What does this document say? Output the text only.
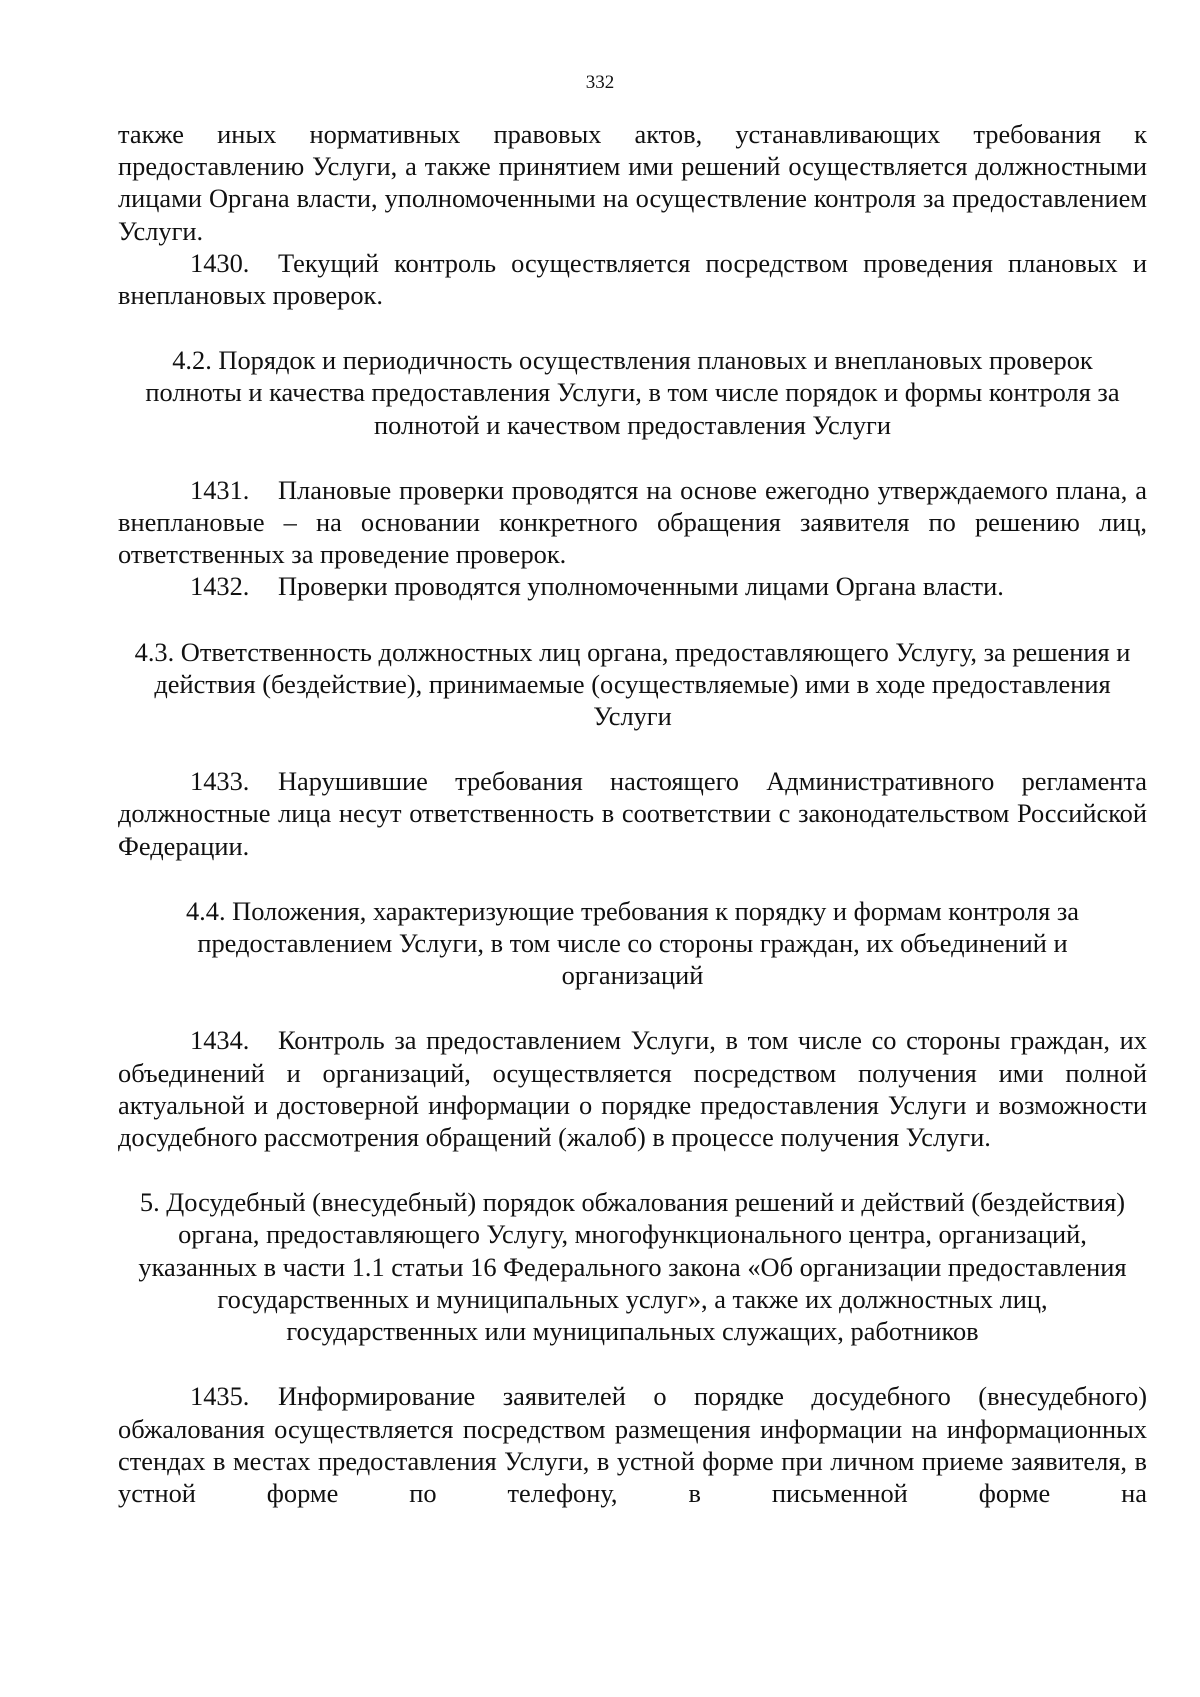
332

также иных нормативных правовых актов, устанавливающих требования к предоставлению Услуги, а также принятием ими решений осуществляется должностными лицами Органа власти, уполномоченными на осуществление контроля за предоставлением Услуги.

1430. Текущий контроль осуществляется посредством проведения плановых и внеплановых проверок.

4.2. Порядок и периодичность осуществления плановых и внеплановых проверок полноты и качества предоставления Услуги, в том числе порядок и формы контроля за полнотой и качеством предоставления Услуги

1431. Плановые проверки проводятся на основе ежегодно утверждаемого плана, а внеплановые – на основании конкретного обращения заявителя по решению лиц, ответственных за проведение проверок.

1432. Проверки проводятся уполномоченными лицами Органа власти.

4.3. Ответственность должностных лиц органа, предоставляющего Услугу, за решения и действия (бездействие), принимаемые (осуществляемые) ими в ходе предоставления Услуги

1433. Нарушившие требования настоящего Административного регламента должностные лица несут ответственность в соответствии с законодательством Российской Федерации.

4.4. Положения, характеризующие требования к порядку и формам контроля за предоставлением Услуги, в том числе со стороны граждан, их объединений и организаций

1434. Контроль за предоставлением Услуги, в том числе со стороны граждан, их объединений и организаций, осуществляется посредством получения ими полной актуальной и достоверной информации о порядке предоставления Услуги и возможности досудебного рассмотрения обращений (жалоб) в процессе получения Услуги.

5. Досудебный (внесудебный) порядок обжалования решений и действий (бездействия) органа, предоставляющего Услугу, многофункционального центра, организаций, указанных в части 1.1 статьи 16 Федерального закона «Об организации предоставления государственных и муниципальных услуг», а также их должностных лиц, государственных или муниципальных служащих, работников

1435. Информирование заявителей о порядке досудебного (внесудебного) обжалования осуществляется посредством размещения информации на информационных стендах в местах предоставления Услуги, в устной форме при личном приеме заявителя, в устной форме по телефону, в письменной форме на
